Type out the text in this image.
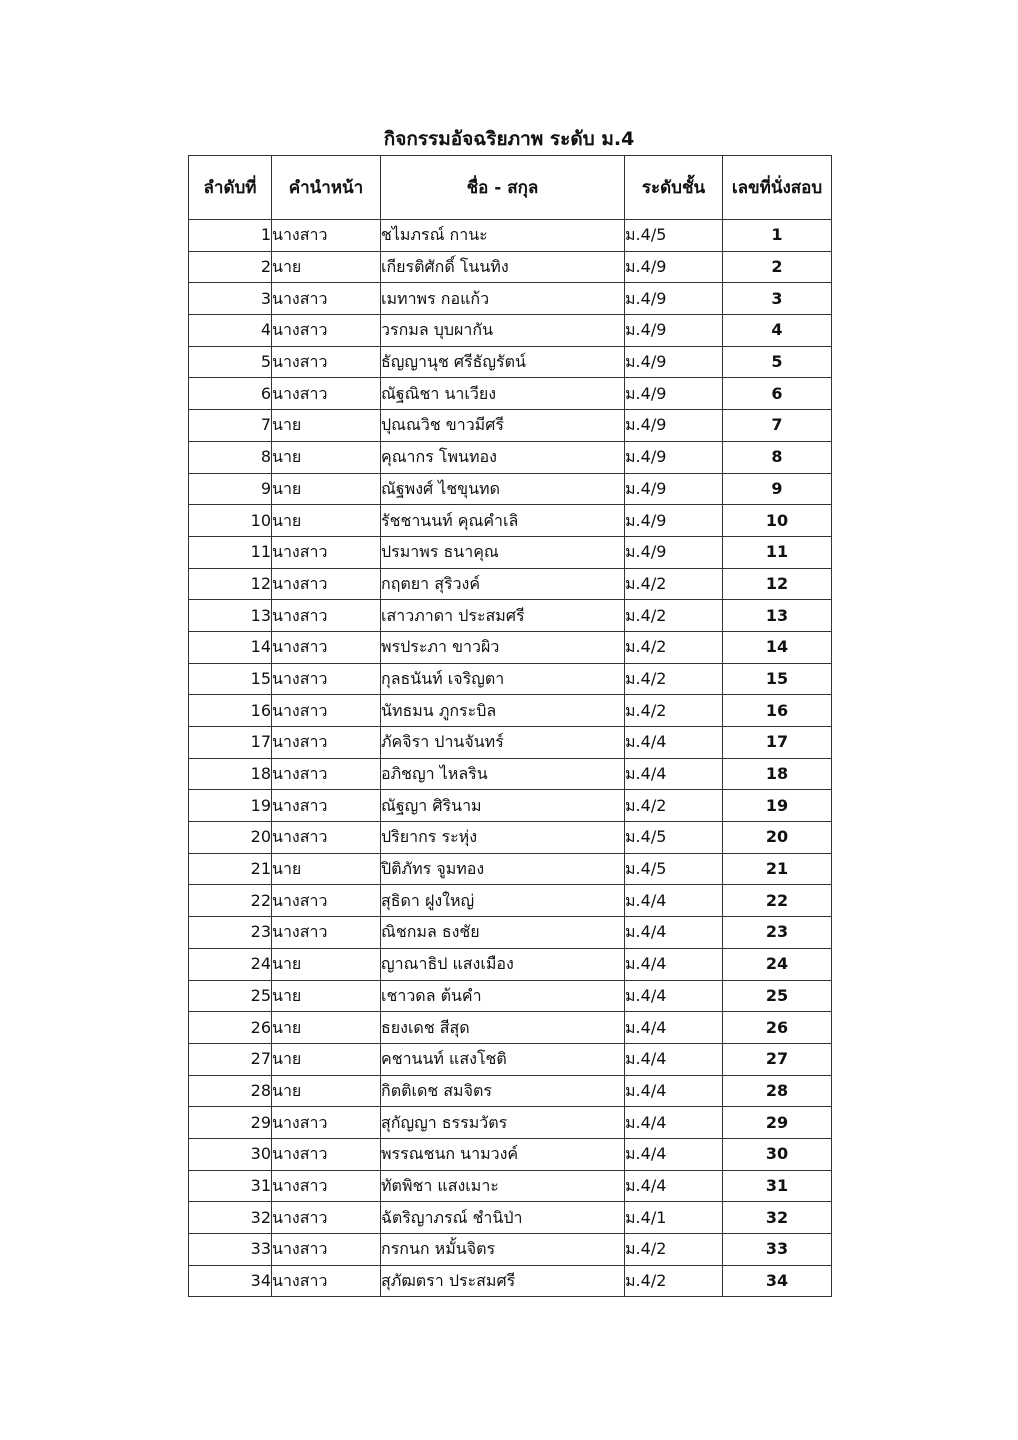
กิจกรรมอัจฉริยภาพ ระดับ ม.4
ลำดับที่	คำนำหน้า	ชื่อ - สกุล	ระดับชั้น	เลขที่นั่งสอบ
1	นางสาว	ชไมภรณ์ กานะ	ม.4/5	1
2	นาย	เกียรติศักดิ์ โนนทิง	ม.4/9	2
3	นางสาว	เมทาพร กอแก้ว	ม.4/9	3
4	นางสาว	วรกมล บุบผากัน	ม.4/9	4
5	นางสาว	ธัญญานุช ศรีธัญรัตน์	ม.4/9	5
6	นางสาว	ณัฐณิชา นาเวียง	ม.4/9	6
7	นาย	ปุณณวิช ขาวมีศรี	ม.4/9	7
8	นาย	คุณากร โพนทอง	ม.4/9	8
9	นาย	ณัฐพงศ์ ไชขุนทด	ม.4/9	9
10	นาย	รัชชานนท์ คุณคำเลิ	ม.4/9	10
11	นางสาว	ปรมาพร ธนาคุณ	ม.4/9	11
12	นางสาว	กฤตยา สุริวงค์	ม.4/2	12
13	นางสาว	เสาวภาดา ประสมศรี	ม.4/2	13
14	นางสาว	พรประภา ขาวผิว	ม.4/2	14
15	นางสาว	กุลธนันท์ เจริญตา	ม.4/2	15
16	นางสาว	นัทธมน ภูกระบิล	ม.4/2	16
17	นางสาว	ภัคจิรา ปานจันทร์	ม.4/4	17
18	นางสาว	อภิชญา ไหลริน	ม.4/4	18
19	นางสาว	ณัฐญา ศิรินาม	ม.4/2	19
20	นางสาว	ปริยากร ระหุ่ง	ม.4/5	20
21	นาย	ปิติภัทร จูมทอง	ม.4/5	21
22	นางสาว	สุธิดา ฝูงใหญ่	ม.4/4	22
23	นางสาว	ณิชกมล ธงชัย	ม.4/4	23
24	นาย	ญาณาธิป แสงเมือง	ม.4/4	24
25	นาย	เชาวดล ต้นคำ	ม.4/4	25
26	นาย	ธยงเดช สีสุด	ม.4/4	26
27	นาย	คชานนท์ แสงโชติ	ม.4/4	27
28	นาย	กิตติเดช สมจิตร	ม.4/4	28
29	นางสาว	สุกัญญา ธรรมวัตร	ม.4/4	29
30	นางสาว	พรรณชนก นามวงค์	ม.4/4	30
31	นางสาว	ทัตพิชา แสงเมาะ	ม.4/4	31
32	นางสาว	ฉัตริญาภรณ์ ชำนิป่า	ม.4/1	32
33	นางสาว	กรกนก หมั้นจิตร	ม.4/2	33
34	นางสาว	สุภัฒตรา ประสมศรี	ม.4/2	34
